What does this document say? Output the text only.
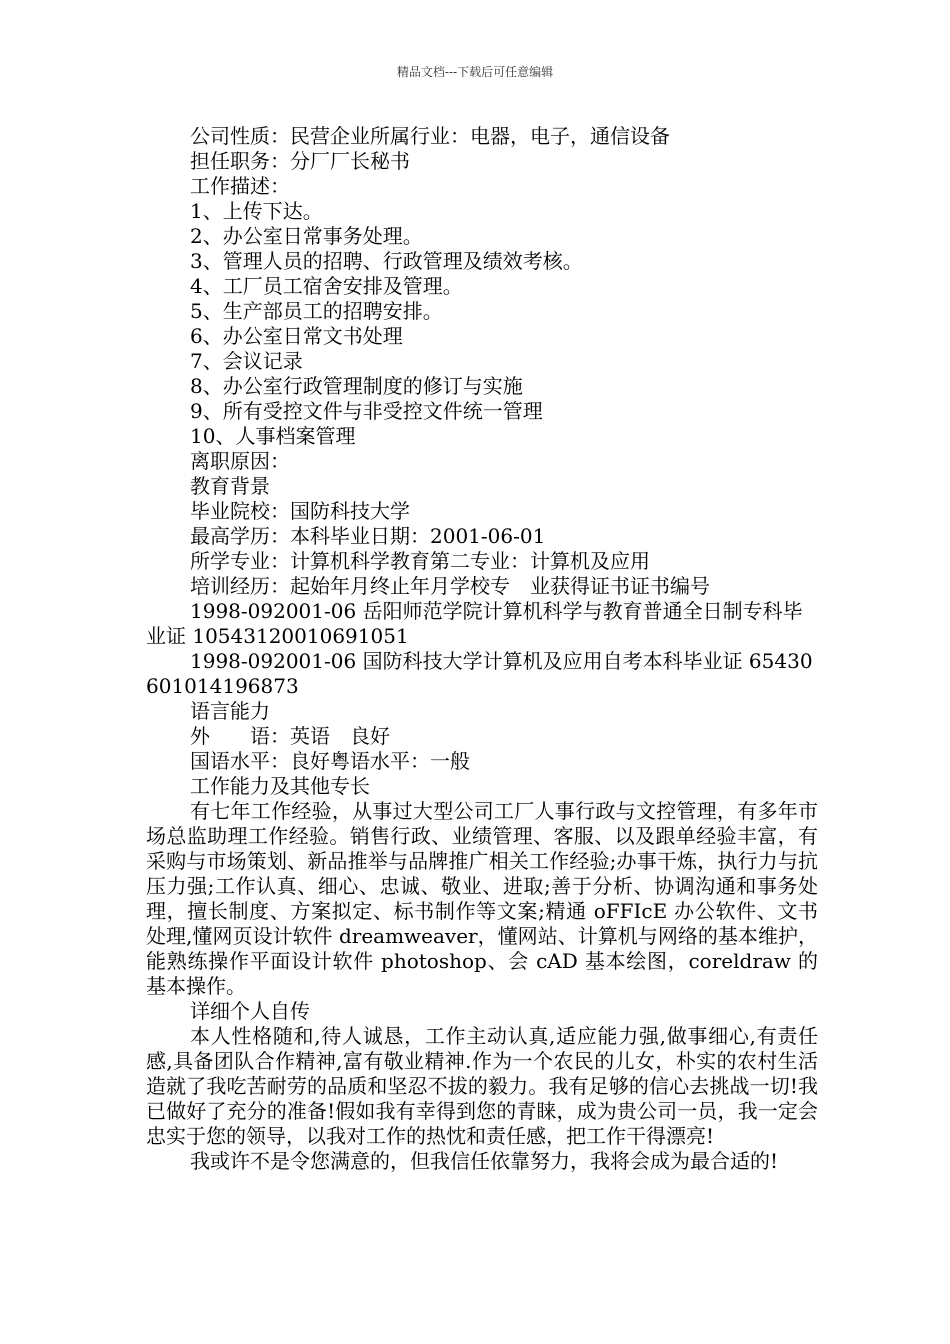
精品文档---下载后可任意编辑

公司性质：民营企业所属行业：电器，电子，通信设备

担任职务：分厂厂长秘书

工作描述：

1、上传下达。

2、办公室日常事务处理。

3、管理人员的招聘、行政管理及绩效考核。

4、工厂员工宿舍安排及管理。

5、生产部员工的招聘安排。

6、办公室日常文书处理

7、会议记录

8、办公室行政管理制度的修订与实施

9、所有受控文件与非受控文件统一管理

10、人事档案管理

离职原因：

教育背景

毕业院校：国防科技大学

最高学历：本科毕业日期：2001-06-01

所学专业：计算机科学教育第二专业：计算机及应用

培训经历：起始年月终止年月学校专　业获得证书证书编号

1998-092001-06 岳阳师范学院计算机科学与教育普通全日制专科毕业证 10543120010691051

1998-092001-06 国防科技大学计算机及应用自考本科毕业证 65430601014196873

语言能力

外　　语：英语　良好

国语水平：良好粤语水平：一般

工作能力及其他专长

有七年工作经验，从事过大型公司工厂人事行政与文控管理，有多年市场总监助理工作经验。销售行政、业绩管理、客服、以及跟单经验丰富，有采购与市场策划、新品推举与品牌推广相关工作经验;办事干炼，执行力与抗压力强;工作认真、细心、忠诚、敬业、进取;善于分析、协调沟通和事务处理，擅长制度、方案拟定、标书制作等文案;精通 oFFIcE 办公软件、文书处理,懂网页设计软件 dreamweaver，懂网站、计算机与网络的基本维护，能熟练操作平面设计软件 photoshop、会 cAD 基本绘图，coreldraw 的基本操作。

详细个人自传

本人性格随和,待人诚恳，工作主动认真,适应能力强,做事细心,有责任感,具备团队合作精神,富有敬业精神.作为一个农民的儿女，朴实的农村生活造就了我吃苦耐劳的品质和坚忍不拔的毅力。我有足够的信心去挑战一切!我已做好了充分的准备!假如我有幸得到您的青睐，成为贵公司一员，我一定会忠实于您的领导，以我对工作的热忱和责任感，把工作干得漂亮!

我或许不是令您满意的，但我信任依靠努力，我将会成为最合适的!
